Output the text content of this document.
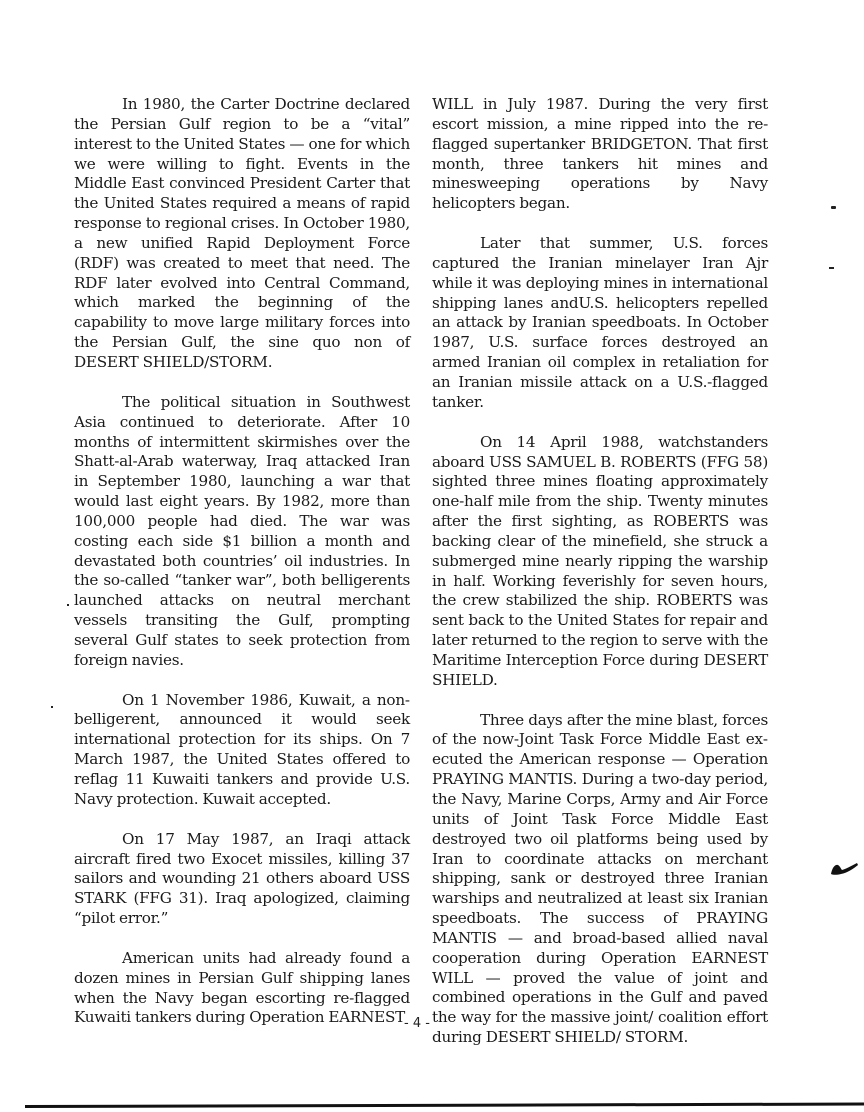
In 1980, the Carter Doctrine declared the Persian Gulf region to be a “vital” interest to the United States — one for which we were willing to fight. Events in the Middle East convinced President Carter that the United States required a means of rapid response to regional crises. In October 1980, a new unified Rapid Deployment Force (RDF) was created to meet that need. The RDF later evolved into Central Command, which marked the beginning of the capability to move large military forces into the Persian Gulf, the sine quo non of DESERT SHIELD/STORM.

The political situation in Southwest Asia continued to deteriorate. After 10 months of intermittent skirmishes over the Shatt-al-Arab waterway, Iraq attacked Iran in September 1980, launching a war that would last eight years. By 1982, more than 100,000 people had died. The war was costing each side $1 billion a month and devastated both countries’ oil industries. In the so-called “tanker war”, both belligerents launched attacks on neutral merchant vessels transiting the Gulf, prompting several Gulf states to seek protection from foreign navies.

On 1 November 1986, Kuwait, a nonbelligerent, announced it would seek international protection for its ships. On 7 March 1987, the United States offered to reflag 11 Kuwaiti tankers and provide U.S. Navy protection. Kuwait accepted.

On 17 May 1987, an Iraqi attack aircraft fired two Exocet missiles, killing 37 sailors and wounding 21 others aboard USS STARK (FFG 31). Iraq apologized, claiming “pilot error.”

American units had already found a dozen mines in Persian Gulf shipping lanes when the Navy began escorting re-flagged Kuwaiti tankers during Operation EARNEST

WILL in July 1987. During the very first escort mission, a mine ripped into the re-flagged supertanker BRIDGETON. That first month, three tankers hit mines and minesweeping operations by Navy helicopters began.

Later that summer, U.S. forces captured the Iranian minelayer Iran Ajr while it was deploying mines in international shipping lanes andU.S. helicopters repelled an attack by Iranian speedboats. In October 1987, U.S. surface forces destroyed an armed Iranian oil complex in retaliation for an Iranian missile attack on a U.S.-flagged tanker.

On 14 April 1988, watchstanders aboard USS SAMUEL B. ROBERTS (FFG 58) sighted three mines floating approximately one-half mile from the ship. Twenty minutes after the first sighting, as ROBERTS was backing clear of the minefield, she struck a submerged mine nearly ripping the warship in half. Working feverishly for seven hours, the crew stabilized the ship. ROBERTS was sent back to the United States for repair and later returned to the region to serve with the Maritime Interception Force during DESERT SHIELD.

Three days after the mine blast, forces of the now-Joint Task Force Middle East executed the American response — Operation PRAYING MANTIS. During a two-day period, the Navy, Marine Corps, Army and Air Force units of Joint Task Force Middle East destroyed two oil platforms being used by Iran to coordinate attacks on merchant shipping, sank or destroyed three Iranian warships and neutralized at least six Iranian speedboats. The success of PRAYING MANTIS — and broad-based allied naval cooperation during Operation EARNEST WILL — proved the value of joint and combined operations in the Gulf and paved the way for the massive joint/ coalition effort during DESERT SHIELD/ STORM.

- 4 -
